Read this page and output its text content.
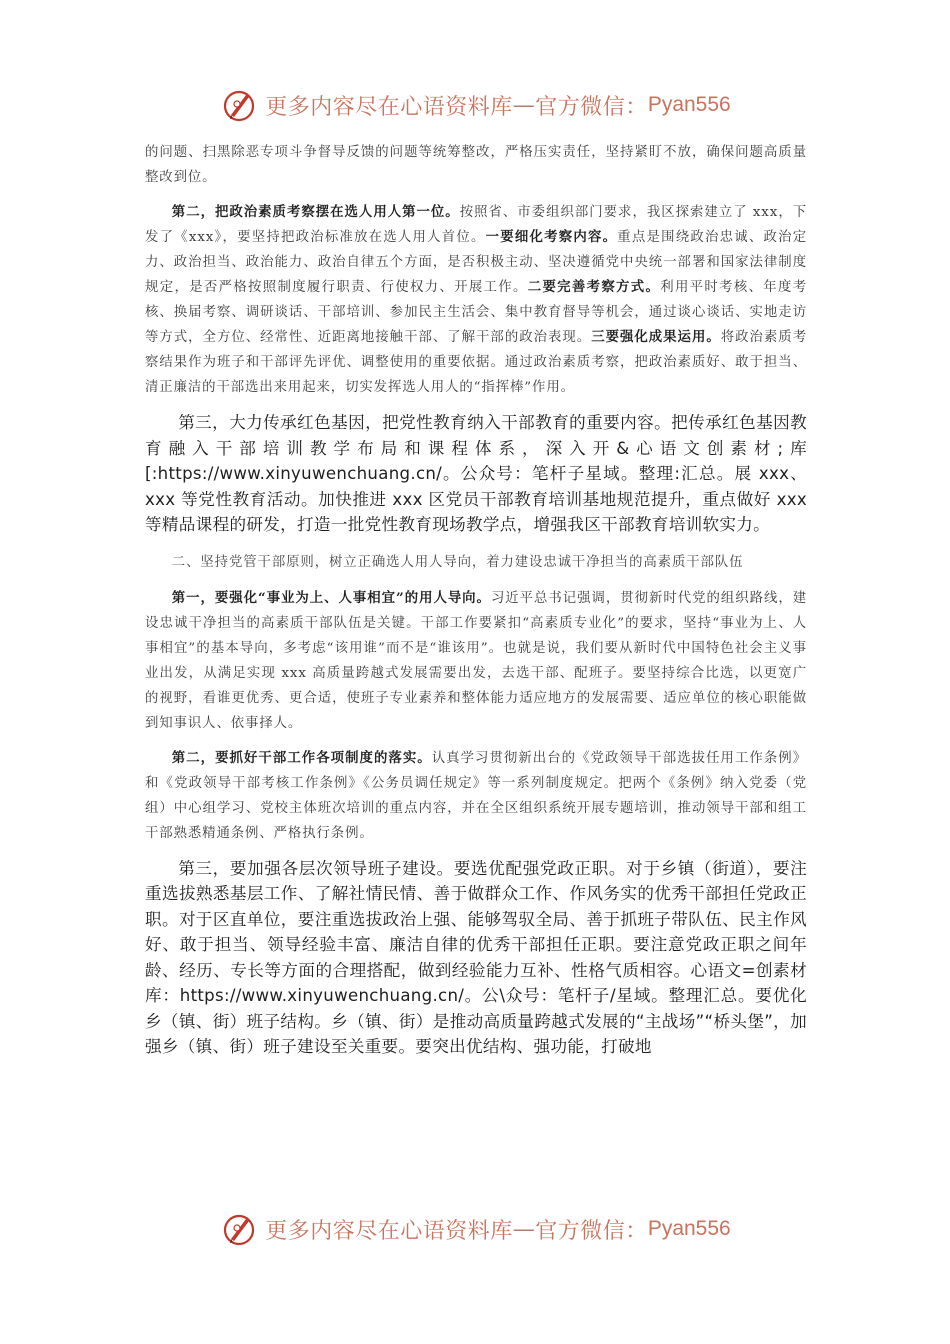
更多内容尽在心语资料库 — 官方微信： Pyan556

的问题、扫黑除恶专项斗争督导反馈的问题等统筹整改，严格压实责任，坚持紧盯不放，确保问题高质量整改到位。

第二，把政治素质考察摆在选人用人第一位。按照省、市委组织部门要求，我区探索建立了 xxx，下发了《xxx》，要坚持把政治标准放在选人用人首位。一要细化考察内容。重点是围绕政治忠诚、政治定力、政治担当、政治能力、政治自律五个方面，是否积极主动、坚决遵循党中央统一部署和国家法律制度规定，是否严格按照制度履行职责、行使权力、开展工作。二要完善考察方式。利用平时考核、年度考核、换届考察、调研谈话、干部培训、参加民主生活会、集中教育督导等机会，通过谈心谈话、实地走访等方式，全方位、经常性、近距离地接触干部、了解干部的政治表现。三要强化成果运用。将政治素质考察结果作为班子和干部评先评优、调整使用的重要依据。通过政治素质考察，把政治素质好、敢于担当、清正廉洁的干部选出来用起来，切实发挥选人用人的“指挥棒”作用。

第三，大力传承红色基因，把党性教育纳入干部教育的重要内容。把传承红色基因教育融入干部培训教学布局和课程体系，深入开&心语文创素材;库[:https://www.xinyuwenchuang.cn/。公众号：笔杆子星域。整理:汇总。展 xxx、xxx 等党性教育活动。加快推进 xxx 区党员干部教育培训基地规范提升，重点做好 xxx 等精品课程的研发，打造一批党性教育现场教学点，增强我区干部教育培训软实力。

二、坚持党管干部原则，树立正确选人用人导向，着力建设忠诚干净担当的高素质干部队伍

第一，要强化“事业为上、人事相宜”的用人导向。习近平总书记强调，贯彻新时代党的组织路线，建设忠诚干净担当的高素质干部队伍是关键。干部工作要紧扣“高素质专业化”的要求，坚持“事业为上、人事相宜”的基本导向，多考虑“该用谁”而不是“谁该用”。也就是说，我们要从新时代中国特色社会主义事业出发，从满足实现 xxx 高质量跨越式发展需要出发，去选干部、配班子。要坚持综合比选，以更宽广的视野，看谁更优秀、更合适，使班子专业素养和整体能力适应地方的发展需要、适应单位的核心职能做到知事识人、依事择人。

第二，要抓好干部工作各项制度的落实。认真学习贯彻新出台的《党政领导干部选拔任用工作条例》和《党政领导干部考核工作条例》《公务员调任规定》等一系列制度规定。把两个《条例》纳入党委（党组）中心组学习、党校主体班次培训的重点内容，并在全区组织系统开展专题培训，推动领导干部和组工干部熟悉精通条例、严格执行条例。

第三，要加强各层次领导班子建设。要选优配强党政正职。对于乡镇（街道），要注重选拔熟悉基层工作、了解社情民情、善于做群众工作、作风务实的优秀干部担任党政正职。对于区直单位，要注重选拔政治上强、能够驾驭全局、善于抓班子带队伍、民主作风好、敢于担当、领导经验丰富、廉洁自律的优秀干部担任正职。要注意党政正职之间年龄、经历、专长等方面的合理搭配，做到经验能力互补、性格气质相容。心语文=创素材库：https://www.xinyuwenchuang.cn/。公\众号：笔杆子/星域。整理汇总。要优化乡（镇、街）班子结构。乡（镇、街）是推动高质量跨越式发展的“主战场”“桥头堡”，加强乡（镇、街）班子建设至关重要。要突出优结构、强功能，打破地

更多内容尽在心语资料库 — 官方微信： Pyan556
